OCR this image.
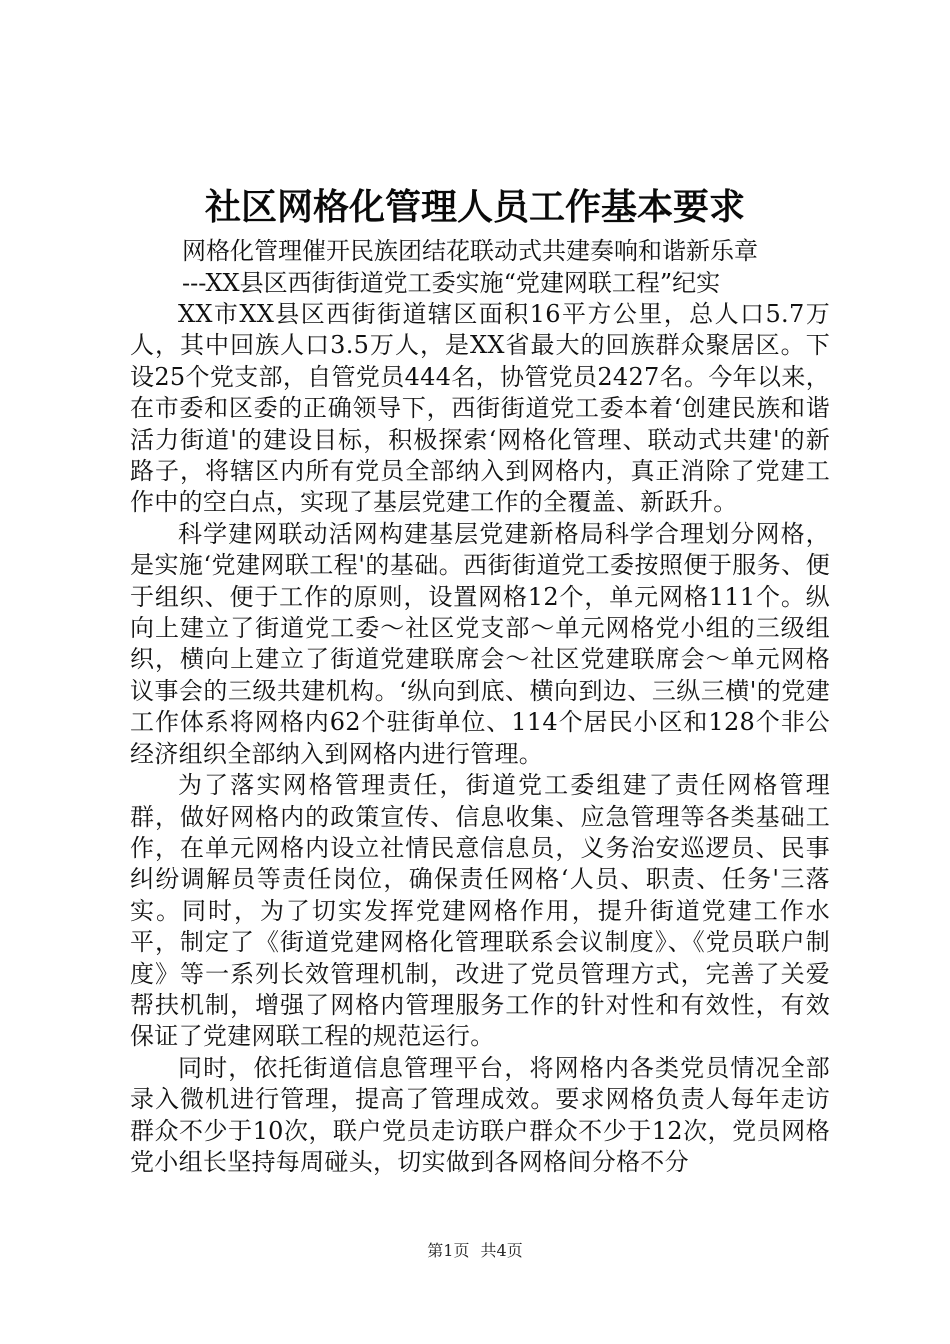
社区网格化管理人员工作基本要求

网格化管理催开民族团结花联动式共建奏响和谐新乐章

---XX县区西街街道党工委实施“党建网联工程”纪实

XX市XX县区西街街道辖区面积16平方公里，总人口5.7万人，其中回族人口3.5万人，是XX省最大的回族群众聚居区。下设25个党支部，自管党员444名，协管党员2427名。今年以来，在市委和区委的正确领导下，西街街道党工委本着‘创建民族和谐活力街道'的建设目标，积极探索‘网格化管理、联动式共建'的新路子，将辖区内所有党员全部纳入到网格内，真正消除了党建工作中的空白点，实现了基层党建工作的全覆盖、新跃升。

科学建网联动活网构建基层党建新格局科学合理划分网格，是实施‘党建网联工程'的基础。西街街道党工委按照便于服务、便于组织、便于工作的原则，设置网格12个，单元网格111个。纵向上建立了街道党工委～社区党支部～单元网格党小组的三级组织，横向上建立了街道党建联席会～社区党建联席会～单元网格议事会的三级共建机构。‘纵向到底、横向到边、三纵三横'的党建工作体系将网格内62个驻街单位、114个居民小区和128个非公经济组织全部纳入到网格内进行管理。

为了落实网格管理责任，街道党工委组建了责任网格管理群，做好网格内的政策宣传、信息收集、应急管理等各类基础工作，在单元网格内设立社情民意信息员，义务治安巡逻员、民事纠纷调解员等责任岗位，确保责任网格‘人员、职责、任务'三落实。同时，为了切实发挥党建网格作用，提升街道党建工作水平，制定了《街道党建网格化管理联系会议制度》、《党员联户制度》等一系列长效管理机制，改进了党员管理方式，完善了关爱帮扶机制，增强了网格内管理服务工作的针对性和有效性，有效保证了党建网联工程的规范运行。

同时，依托街道信息管理平台，将网格内各类党员情况全部录入微机进行管理，提高了管理成效。要求网格负责人每年走访群众不少于10次，联户党员走访联户群众不少于12次，党员网格党小组长坚持每周碰头，切实做到各网格间分格不分

第1页 共4页
